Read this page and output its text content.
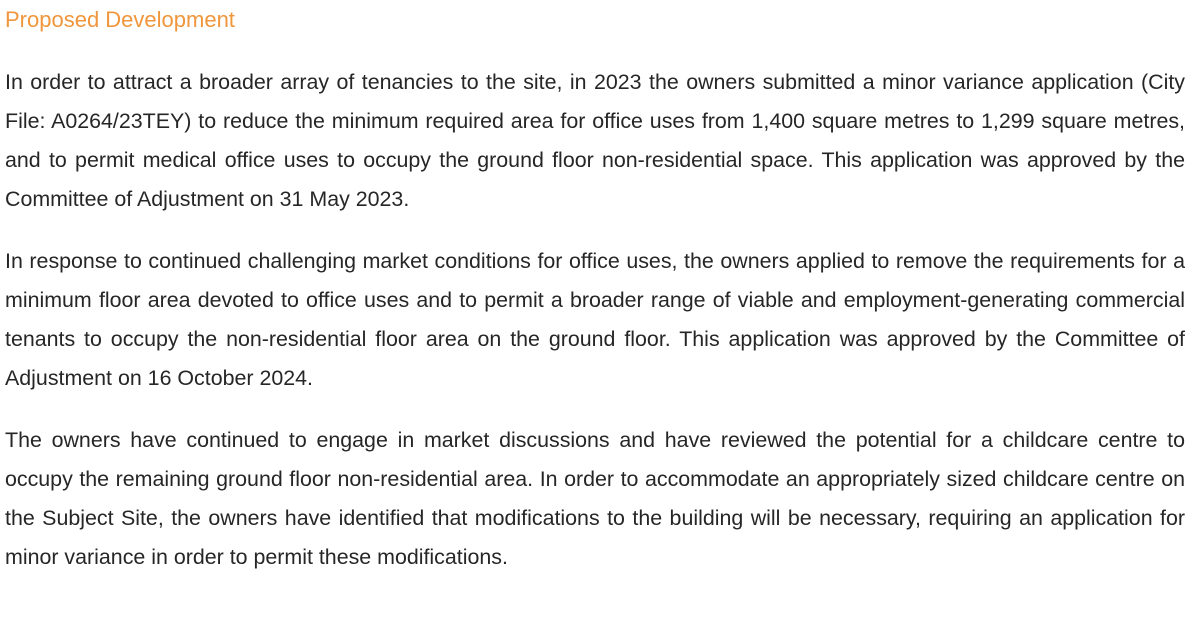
Proposed Development

In order to attract a broader array of tenancies to the site, in 2023 the owners submitted a minor variance application (City File: A0264/23TEY) to reduce the minimum required area for office uses from 1,400 square metres to 1,299 square metres, and to permit medical office uses to occupy the ground floor non-residential space. This application was approved by the Committee of Adjustment on 31 May 2023.

In response to continued challenging market conditions for office uses, the owners applied to remove the requirements for a minimum floor area devoted to office uses and to permit a broader range of viable and employment-generating commercial tenants to occupy the non-residential floor area on the ground floor. This application was approved by the Committee of Adjustment on 16 October 2024.

The owners have continued to engage in market discussions and have reviewed the potential for a childcare centre to occupy the remaining ground floor non-residential area. In order to accommodate an appropriately sized childcare centre on the Subject Site, the owners have identified that modifications to the building will be necessary, requiring an application for minor variance in order to permit these modifications.
